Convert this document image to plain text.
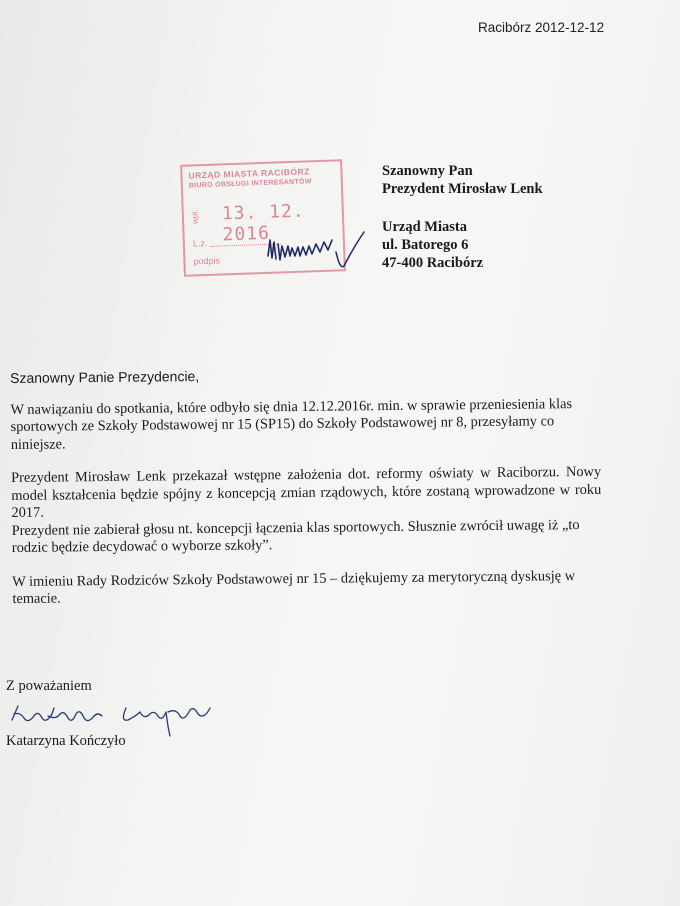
Racibórz 2012-12-12
URZĄD MIASTA RACIBÓRZ
BIURO OBSŁUGI INTERESANTÓW
wpł. 13. 12. 2016
L.z.
podpis
Szanowny Pan
Prezydent Mirosław Lenk
Urząd Miasta
ul. Batorego 6
47-400 Racibórz

Szanowny Panie Prezydencie,

W nawiązaniu do spotkania, które odbyło się dnia 12.12.2016r. min. w sprawie przeniesienia klas sportowych ze Szkoły Podstawowej nr 15 (SP15) do Szkoły Podstawowej nr 8, przesyłamy co niniejsze.

Prezydent Mirosław Lenk przekazał wstępne założenia dot. reformy oświaty w Raciborzu. Nowy model kształcenia będzie spójny z koncepcją zmian rządowych, które zostaną wprowadzone w roku 2017.

Prezydent nie zabierał głosu nt. koncepcji łączenia klas sportowych. Słusznie zwrócił uwagę iż „to rodzic będzie decydować o wyborze szkoły”.

W imieniu Rady Rodziców Szkoły Podstawowej nr 15 – dziękujemy za merytoryczną dyskusję w temacie.

Z poważaniem
Katarzyna Kończyło
